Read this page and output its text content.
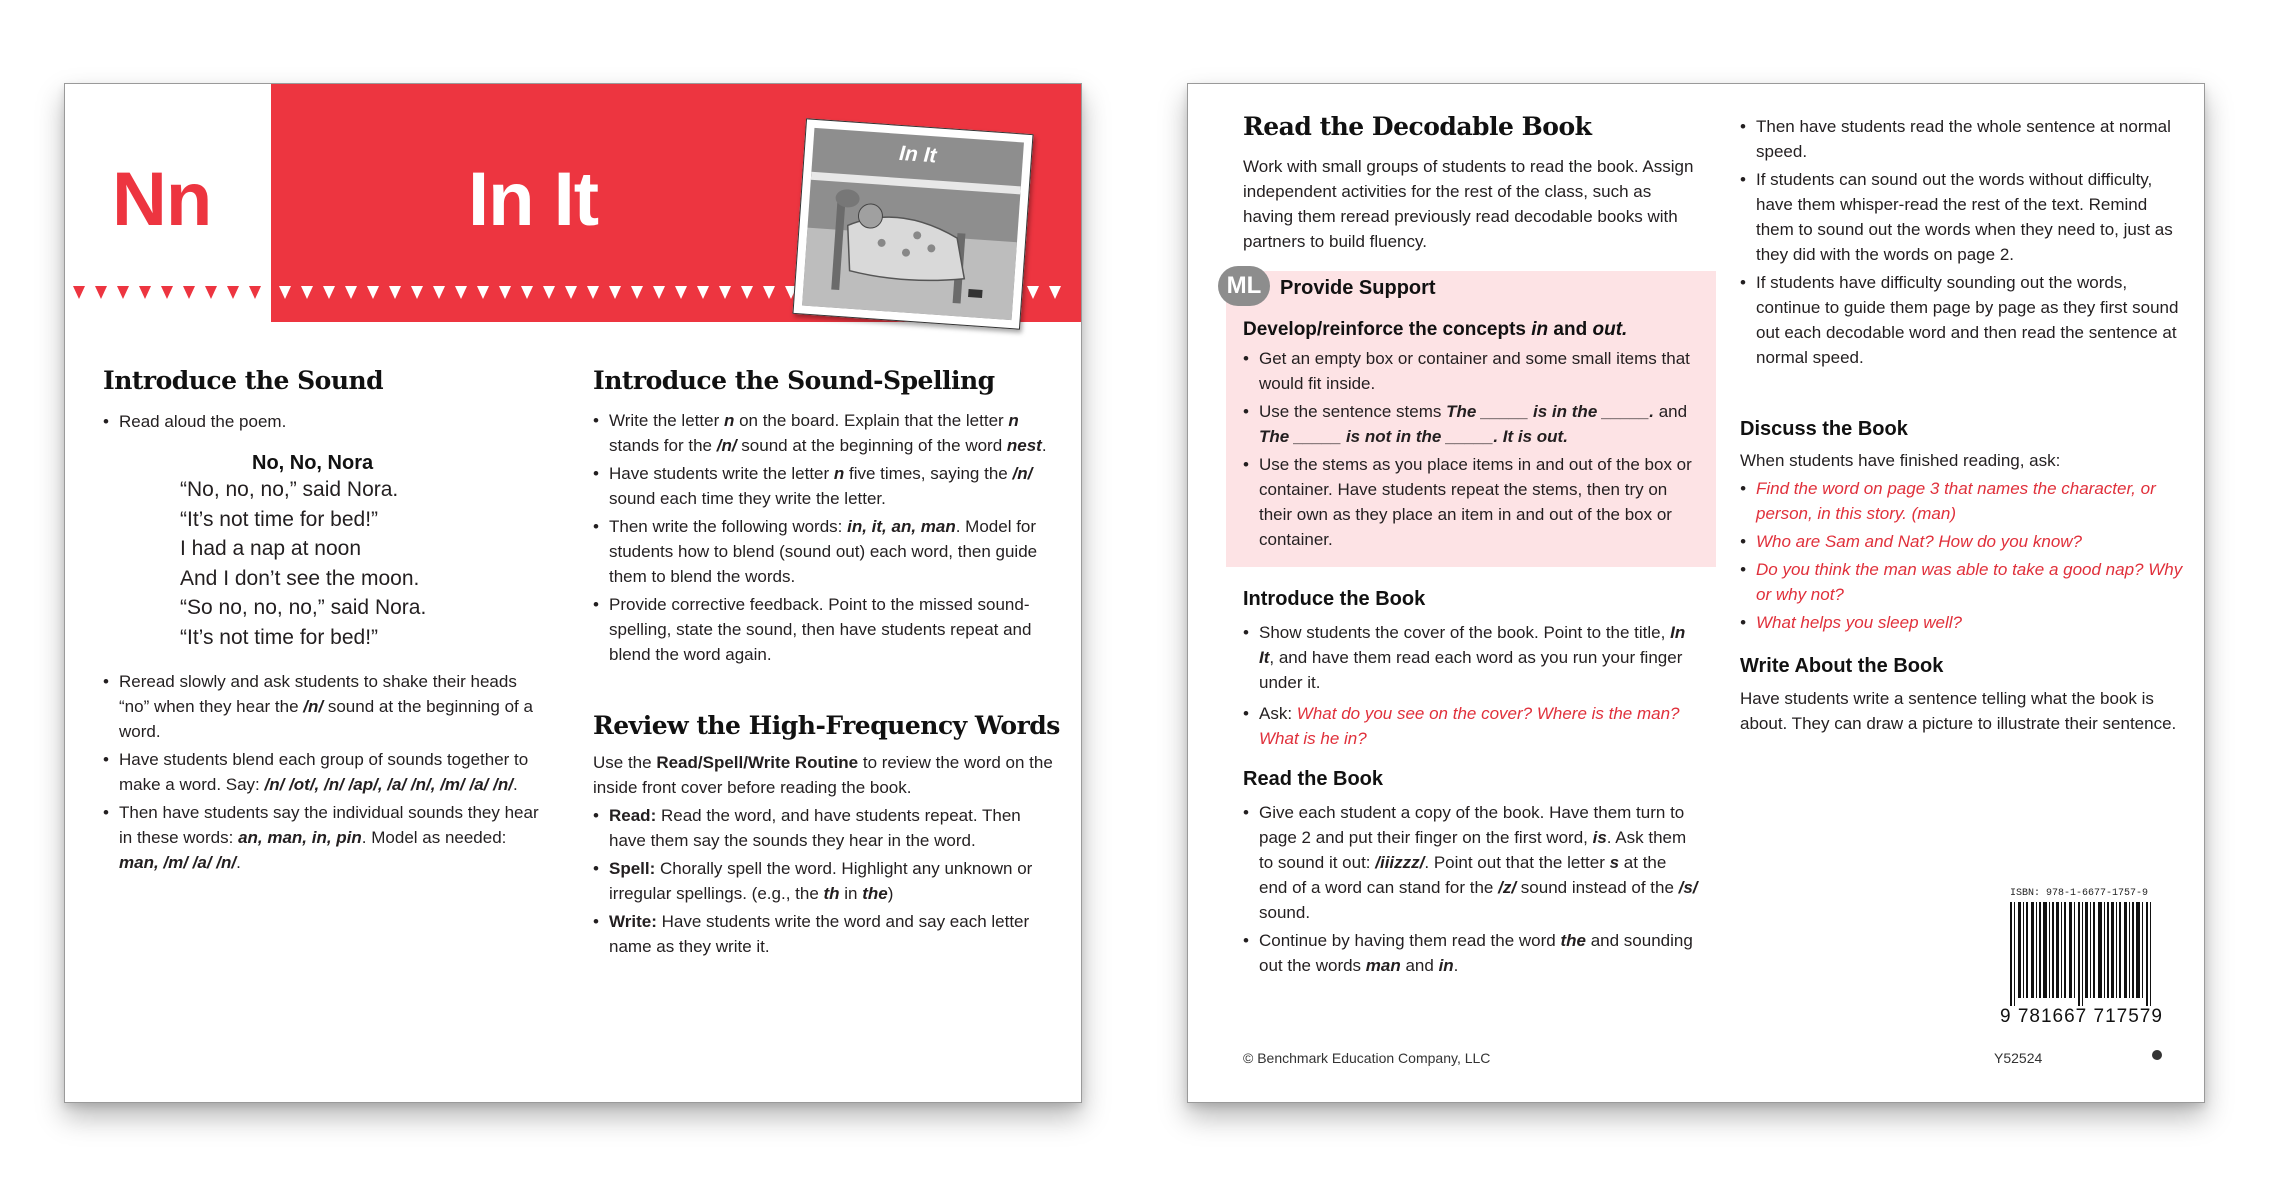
Nn	In It
In It
Introduce the Sound
• Read aloud the poem.
No, No, Nora
“No, no, no,” said Nora.
“It’s not time for bed!”
I had a nap at noon
And I don’t see the moon.
“So no, no, no,” said Nora.
“It’s not time for bed!”
• Reread slowly and ask students to shake their heads “no” when they hear the /n/ sound at the beginning of a word.
• Have students blend each group of sounds together to make a word. Say: /n/ /ot/, /n/ /ap/, /a/ /n/, /m/ /a/ /n/.
• Then have students say the individual sounds they hear in these words: an, man, in, pin. Model as needed: man, /m/ /a/ /n/.
Introduce the Sound-Spelling
• Write the letter n on the board. Explain that the letter n stands for the /n/ sound at the beginning of the word nest.
• Have students write the letter n five times, saying the /n/ sound each time they write the letter.
• Then write the following words: in, it, an, man. Model for students how to blend (sound out) each word, then guide them to blend the words.
• Provide corrective feedback. Point to the missed sound-spelling, state the sound, then have students repeat and blend the word again.
Review the High-Frequency Words

Use the Read/Spell/Write Routine to review the word on the inside front cover before reading the book.

• Read: Read the word, and have students repeat. Then have them say the sounds they hear in the word.
• Spell: Chorally spell the word. Highlight any unknown or irregular spellings. (e.g., the th in the)
• Write: Have students write the word and say each letter name as they write it.
Read the Decodable Book

Work with small groups of students to read the book. Assign independent activities for the rest of the class, such as having them reread previously read decodable books with partners to build fluency.

ML Provide Support

Develop/reinforce the concepts in and out.

• Get an empty box or container and some small items that would fit inside.
• Use the sentence stems The _____ is in the _____. and The _____ is not in the _____. It is out.
• Use the stems as you place items in and out of the box or container. Have students repeat the stems, then try on their own as they place an item in and out of the box or container.
Introduce the Book
• Show students the cover of the book. Point to the title, In It, and have them read each word as you run your finger under it.
• Ask: What do you see on the cover? Where is the man? What is he in?
Read the Book
• Give each student a copy of the book. Have them turn to page 2 and put their finger on the first word, is. Ask them to sound it out: /iiizzz/. Point out that the letter s at the end of a word can stand for the /z/ sound instead of the /s/ sound.
• Continue by having them read the word the and sounding out the words man and in.
• Then have students read the whole sentence at normal speed.
• If students can sound out the words without difficulty, have them whisper-read the rest of the text. Remind them to sound out the words when they need to, just as they did with the words on page 2.
• If students have difficulty sounding out the words, continue to guide them page by page as they first sound out each decodable word and then read the sentence at normal speed.
Discuss the Book

When students have finished reading, ask:

• Find the word on page 3 that names the character, or person, in this story. (man)
• Who are Sam and Nat? How do you know?
• Do you think the man was able to take a good nap? Why or why not?
• What helps you sleep well?
Write About the Book

Have students write a sentence telling what the book is about. They can draw a picture to illustrate their sentence.

ISBN: 978-1-6677-1757-9
9 781667 717579
© Benchmark Education Company, LLC	Y52524
